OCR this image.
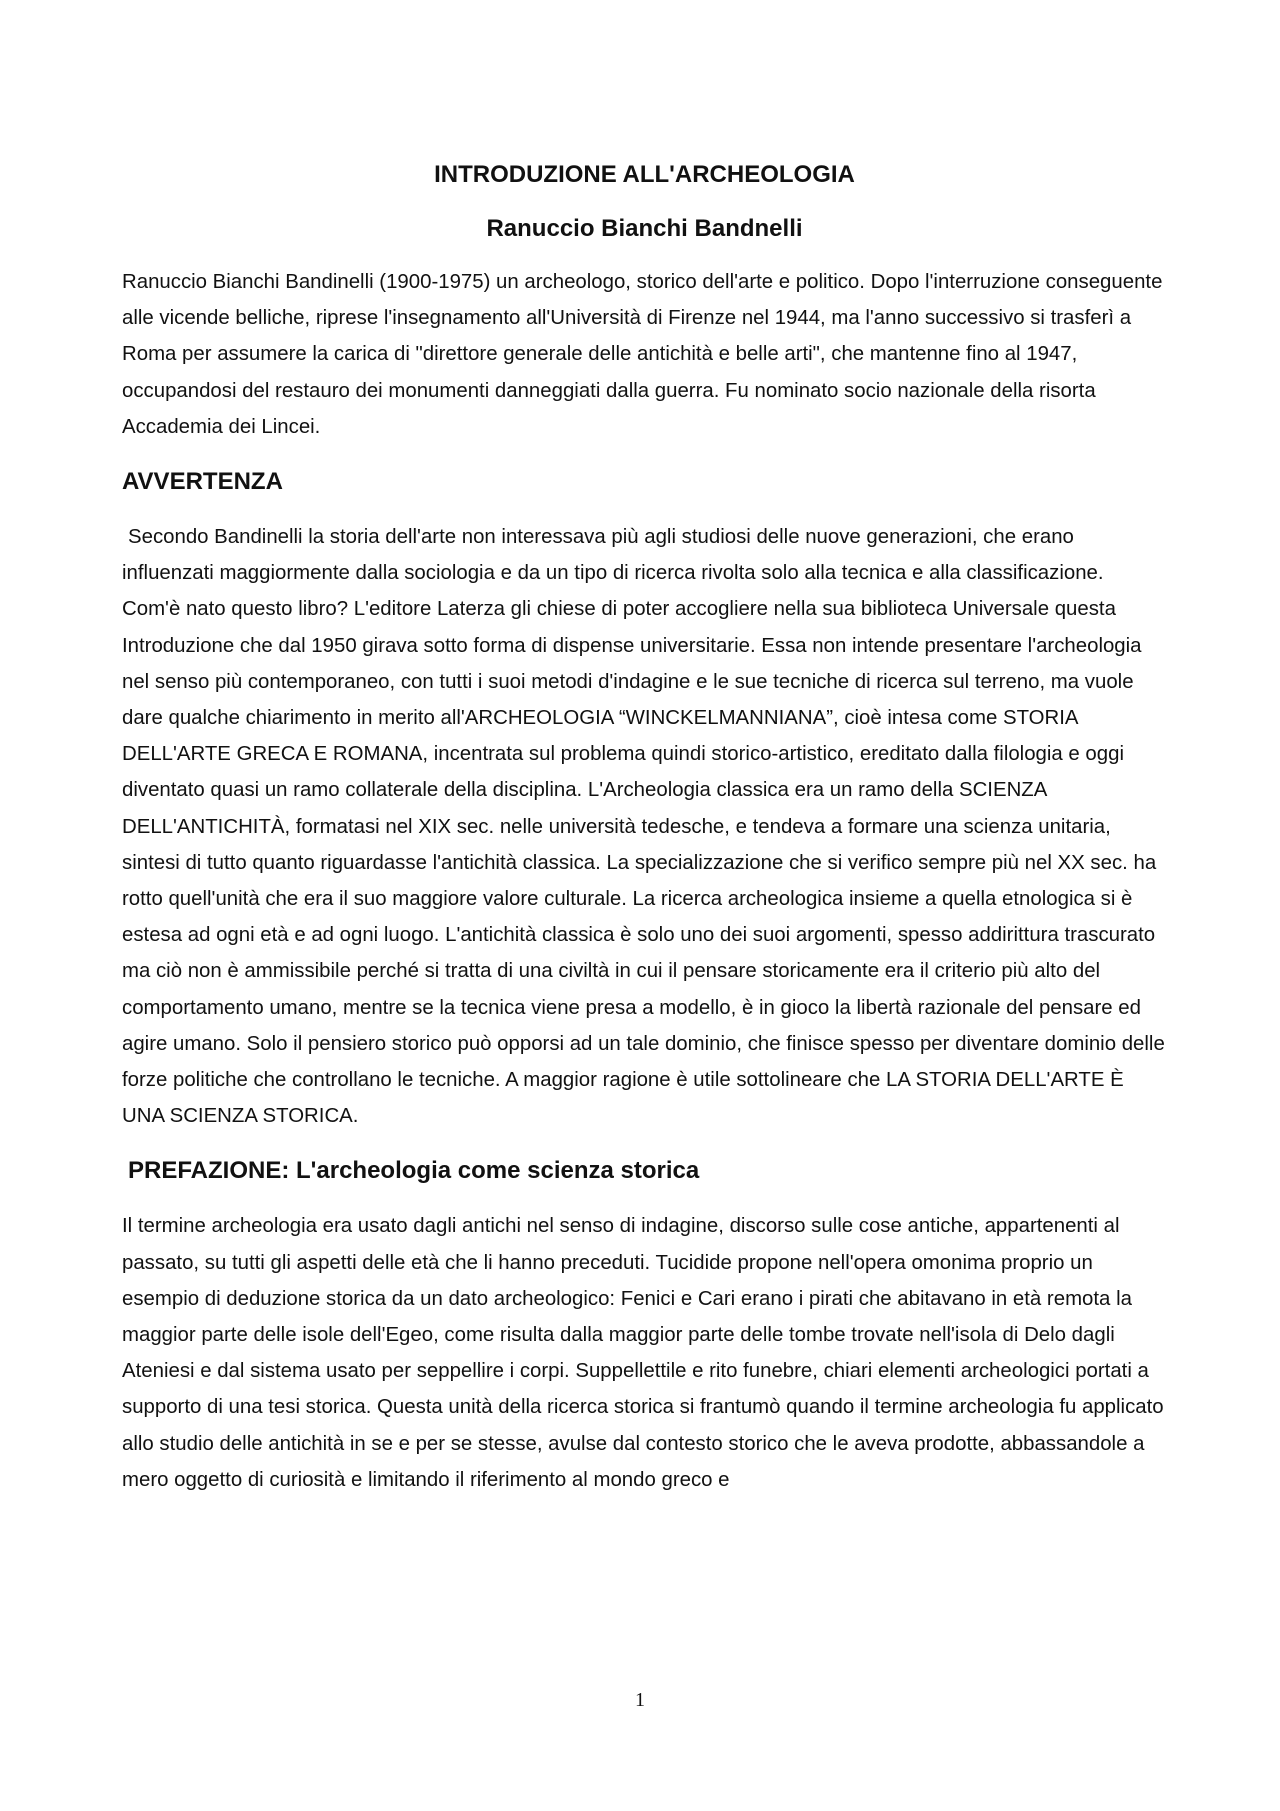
INTRODUZIONE ALL'ARCHEOLOGIA
Ranuccio Bianchi Bandnelli

Ranuccio Bianchi Bandinelli (1900-1975) un archeologo, storico dell'arte e politico. Dopo l'interruzione conseguente alle vicende belliche, riprese l'insegnamento all'Università di Firenze nel 1944, ma l'anno successivo si trasferì a Roma per assumere la carica di "direttore generale delle antichità e belle arti", che mantenne fino al 1947, occupandosi del restauro dei monumenti danneggiati dalla guerra. Fu nominato socio nazionale della risorta Accademia dei Lincei.

AVVERTENZA

Secondo Bandinelli la storia dell'arte non interessava più agli studiosi delle nuove generazioni, che erano influenzati maggiormente dalla sociologia e da un tipo di ricerca rivolta solo alla tecnica e alla classificazione. Com'è nato questo libro? L'editore Laterza gli chiese di poter accogliere nella sua biblioteca Universale questa Introduzione che dal 1950 girava sotto forma di dispense universitarie. Essa non intende presentare l'archeologia nel senso più contemporaneo, con tutti i suoi metodi d'indagine e le sue tecniche di ricerca sul terreno, ma vuole dare qualche chiarimento in merito all'ARCHEOLOGIA “WINCKELMANNIANA”, cioè intesa come STORIA DELL'ARTE GRECA E ROMANA, incentrata sul problema quindi storico-artistico, ereditato dalla filologia e oggi diventato quasi un ramo collaterale della disciplina. L'Archeologia classica era un ramo della SCIENZA DELL'ANTICHITÀ, formatasi nel XIX sec. nelle università tedesche, e tendeva a formare una scienza unitaria, sintesi di tutto quanto riguardasse l'antichità classica. La specializzazione che si verifico sempre più nel XX sec. ha rotto quell'unità che era il suo maggiore valore culturale. La ricerca archeologica insieme a quella etnologica si è estesa ad ogni età e ad ogni luogo. L'antichità classica è solo uno dei suoi argomenti, spesso addirittura trascurato ma ciò non è ammissibile perché si tratta di una civiltà in cui il pensare storicamente era il criterio più alto del comportamento umano, mentre se la tecnica viene presa a modello, è in gioco la libertà razionale del pensare ed agire umano. Solo il pensiero storico può opporsi ad un tale dominio, che finisce spesso per diventare dominio delle forze politiche che controllano le tecniche. A maggior ragione è utile sottolineare che LA STORIA DELL'ARTE È UNA SCIENZA STORICA.

PREFAZIONE: L'archeologia come scienza storica

Il termine archeologia era usato dagli antichi nel senso di indagine, discorso sulle cose antiche, appartenenti al passato, su tutti gli aspetti delle età che li hanno preceduti. Tucidide propone nell'opera omonima proprio un esempio di deduzione storica da un dato archeologico: Fenici e Cari erano i pirati che abitavano in età remota la maggior parte delle isole dell'Egeo, come risulta dalla maggior parte delle tombe trovate nell'isola di Delo dagli Ateniesi e dal sistema usato per seppellire i corpi. Suppellettile e rito funebre, chiari elementi archeologici portati a supporto di una tesi storica. Questa unità della ricerca storica si frantumò quando il termine archeologia fu applicato allo studio delle antichità in se e per se stesse, avulse dal contesto storico che le aveva prodotte, abbassandole a mero oggetto di curiosità e limitando il riferimento al mondo greco e

1
